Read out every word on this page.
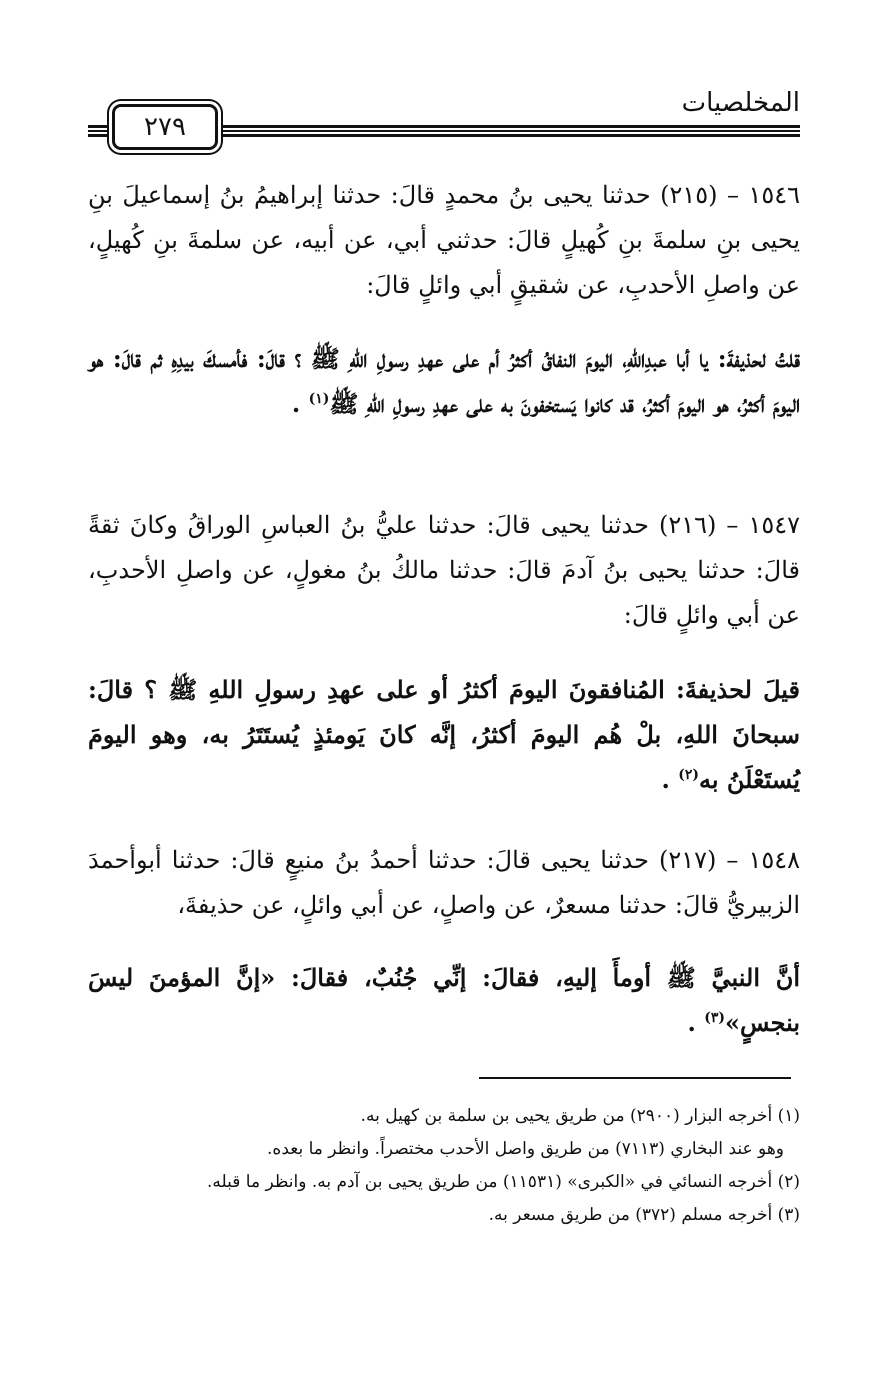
٢٧٩
المخلصيات
١٥٤٦ – (٢١٥) حدثنا يحيى بنُ محمدٍ قالَ: حدثنا إبراهيمُ بنُ إسماعيلَ بنِ يحيى بنِ سلمةَ بنِ كُهيلٍ قالَ: حدثني أبي، عن أبيه، عن سلمةَ بنِ كُهيلٍ، عن واصلِ الأحدبِ، عن شقيقٍ أبي وائلٍ قالَ:
قلتُ لحذيفةَ: يا أبا عبدِاللهِ، اليومَ النفاقُ أكثرُ أم على عهدِ رسولِ اللهِ ﷺ ؟ قالَ: فأمسكَ بيدِهِ ثم قالَ: هو اليومَ أكثرُ، هو اليومَ أكثرُ، قد كانوا يَستخفونَ به على عهدِ رسولِ اللهِ ﷺ$^{(١)}$ .
١٥٤٧ – (٢١٦) حدثنا يحيى قالَ: حدثنا عليُّ بنُ العباسِ الوراقُ وكانَ ثقةً قالَ: حدثنا يحيى بنُ آدمَ قالَ: حدثنا مالكُ بنُ مغولٍ، عن واصلِ الأحدبِ، عن أبي وائلٍ قالَ:
قيلَ لحذيفةَ: المُنافقونَ اليومَ أكثرُ أو على عهدِ رسولِ اللهِ ﷺ ؟ قالَ: سبحانَ اللهِ، بلْ هُم اليومَ أكثرُ، إنَّه كانَ يَومئذٍ يُستَتَرُ به، وهو اليومَ يُستَعْلَنُ به$^{(٢)}$ .
١٥٤٨ – (٢١٧) حدثنا يحيى قالَ: حدثنا أحمدُ بنُ منيعٍ قالَ: حدثنا أبوأحمدَ الزبيريُّ قالَ: حدثنا مسعرٌ، عن واصلٍ، عن أبي وائلٍ، عن حذيفةَ،
أنَّ النبيَّ ﷺ أومأَ إليهِ، فقالَ: إنِّي جُنُبٌ، فقالَ: «إنَّ المؤمنَ ليسَ بنجسٍ»$^{(٣)}$ .

(١) أخرجه البزار (٢٩٠٠) من طريق يحيى بن سلمة بن كهيل به.

وهو عند البخاري (٧١١٣) من طريق واصل الأحدب مختصراً. وانظر ما بعده.

(٢) أخرجه النسائي في «الكبرى» (١١٥٣١) من طريق يحيى بن آدم به. وانظر ما قبله.

(٣) أخرجه مسلم (٣٧٢) من طريق مسعر به.
